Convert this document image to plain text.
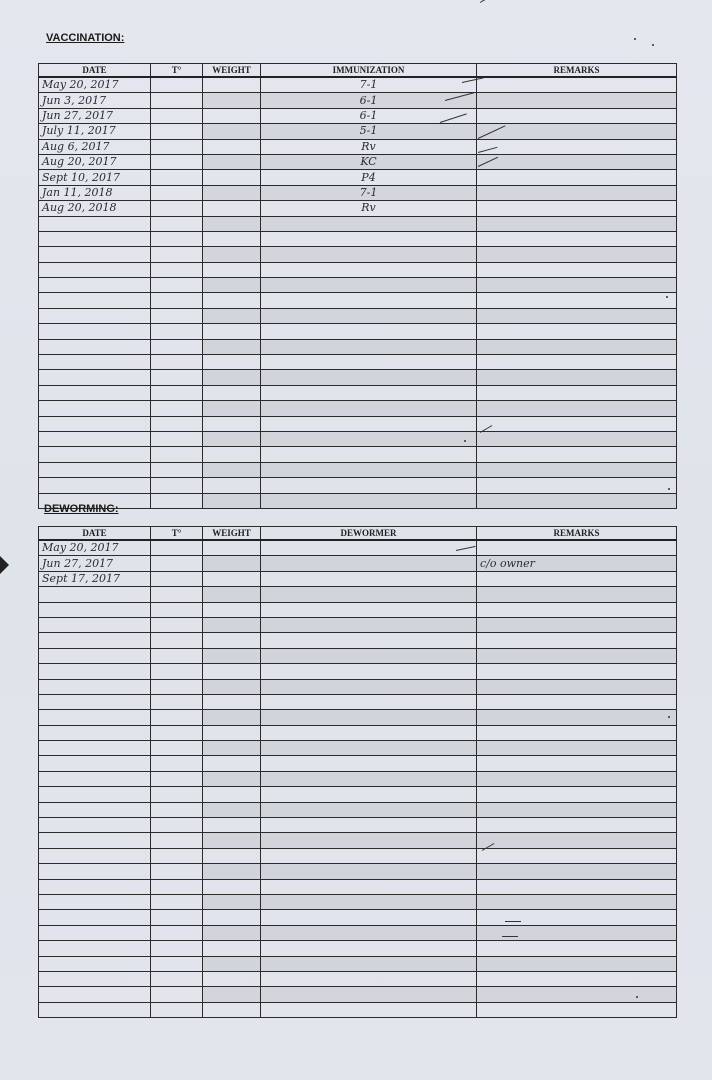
VACCINATION:
DATE	T°	WEIGHT	IMMUNIZATION	REMARKS

May 20, 2017			7-1	

Jun 3, 2017			6-1	

Jun 27, 2017			6-1	

July 11, 2017			5-1	

Aug 6, 2017			Rv	

Aug 20, 2017			KC	

Sept 10, 2017			P4	

Jan 11, 2018			7-1	

Aug 20, 2018			Rv	

DEWORMING:
DATE	T°	WEIGHT	DEWORMER	REMARKS

May 20, 2017				

Jun 27, 2017				c/o owner

Sept 17, 2017				
